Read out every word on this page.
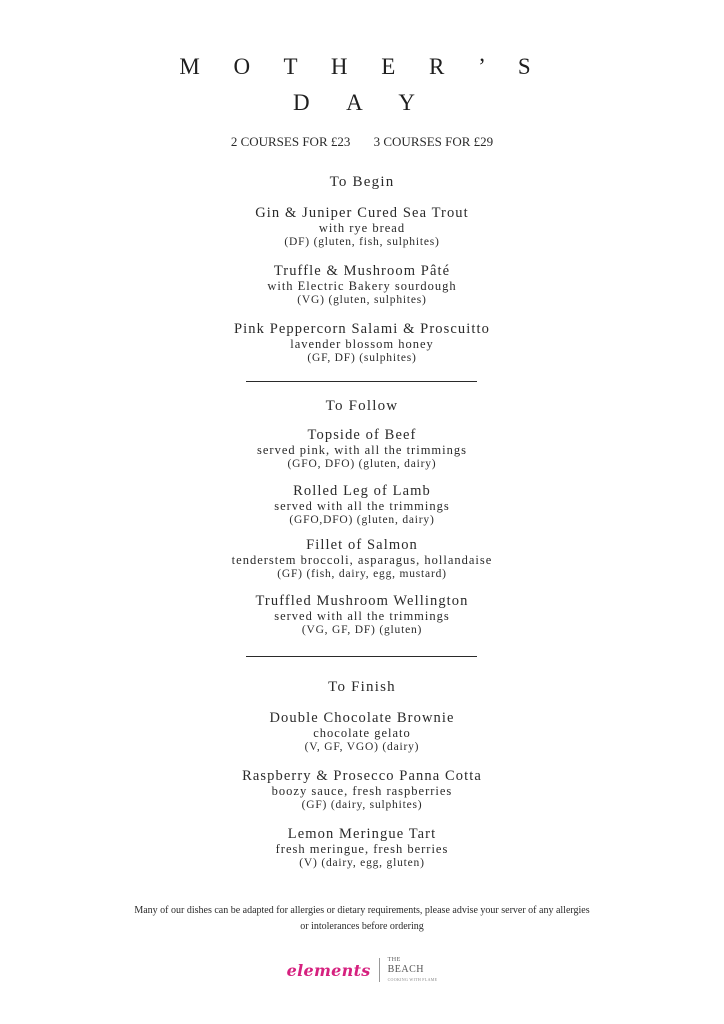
M O T H E R ’ S
D A Y
2 COURSES FOR £23 3 COURSES FOR £29
To Begin
Gin & Juniper Cured Sea Trout
with rye bread
(DF) (gluten, fish, sulphites)
Truffle & Mushroom Pâté
with Electric Bakery sourdough
(VG) (gluten, sulphites)
Pink Peppercorn Salami & Proscuitto
lavender blossom honey
(GF, DF) (sulphites)
To Follow
Topside of Beef
served pink, with all the trimmings
(GFO, DFO) (gluten, dairy)
Rolled Leg of Lamb
served with all the trimmings
(GFO,DFO) (gluten, dairy)
Fillet of Salmon
tenderstem broccoli, asparagus, hollandaise
(GF) (fish, dairy, egg, mustard)
Truffled Mushroom Wellington
served with all the trimmings
(VG, GF, DF) (gluten)
To Finish
Double Chocolate Brownie
chocolate gelato
(V, GF, VGO) (dairy)
Raspberry & Prosecco Panna Cotta
boozy sauce, fresh raspberries
(GF) (dairy, sulphites)
Lemon Meringue Tart
fresh meringue, fresh berries
(V) (dairy, egg, gluten)
Many of our dishes can be adapted for allergies or dietary requirements, please advise your server of any allergies
or intolerances before ordering
elements
THE
BEACH
COOKING WITH FLAME
